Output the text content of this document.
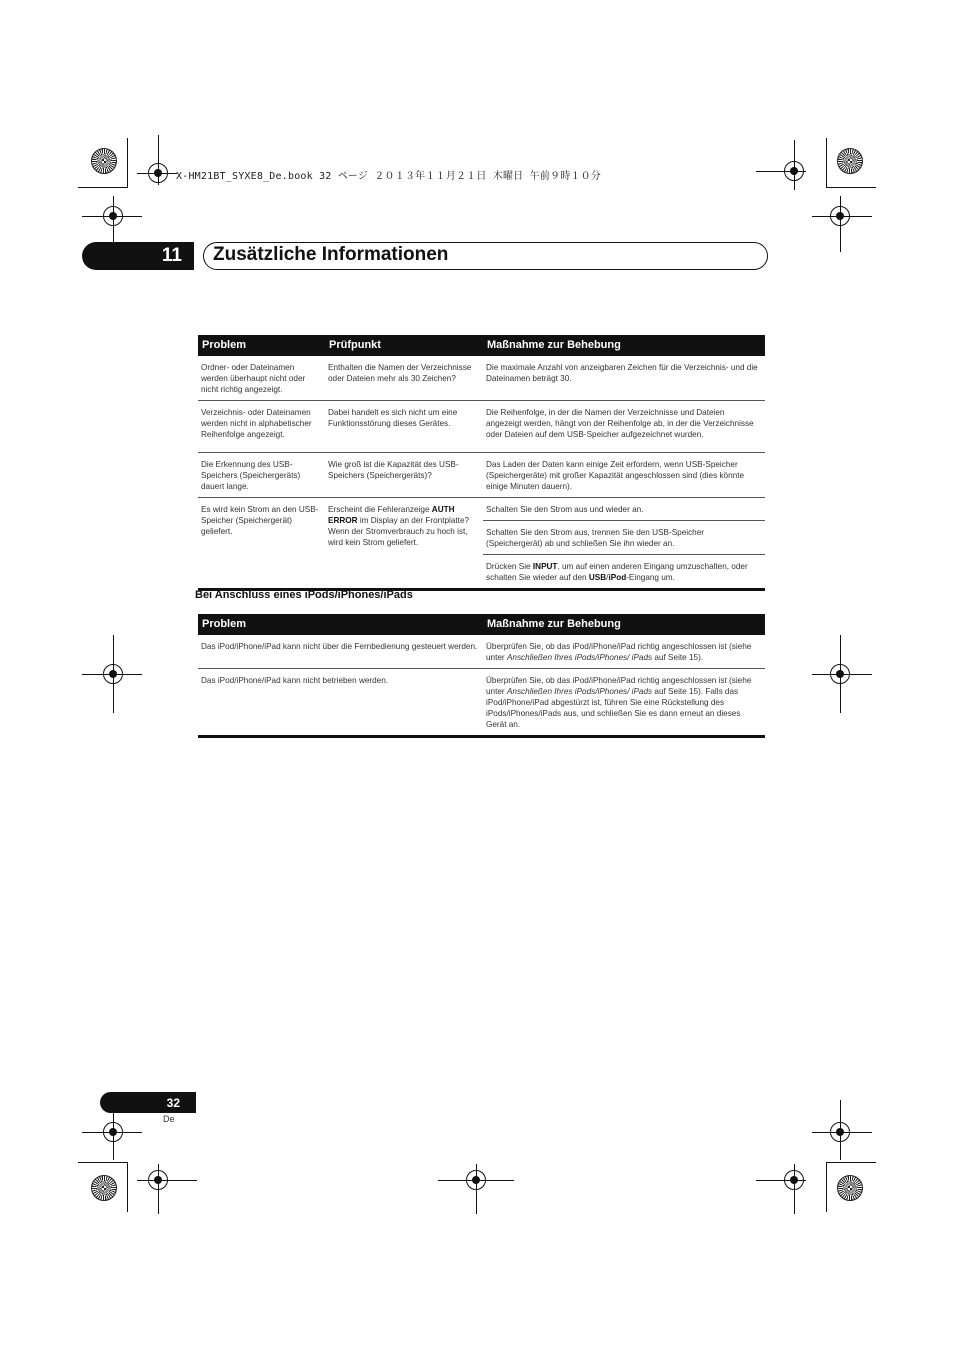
X-HM21BT_SYXE8_De.book 32 ページ ２０１３年１１月２１日 木曜日 午前９時１０分
11	Zusätzliche Informationen
Problem	Prüfpunkt	Maßnahme zur Behebung
Ordner- oder Dateinamen werden überhaupt nicht oder nicht richtig angezeigt.	Enthalten die Namen der Verzeichnisse oder Dateien mehr als 30 Zeichen?	Die maximale Anzahl von anzeigbaren Zeichen für die Verzeichnis- und die Dateinamen beträgt 30.
Verzeichnis- oder Dateinamen werden nicht in alphabetischer Reihenfolge angezeigt.	Dabei handelt es sich nicht um eine Funktionsstörung dieses Gerätes.	Die Reihenfolge, in der die Namen der Verzeichnisse und Dateien angezeigt werden, hängt von der Reihenfolge ab, in der die Verzeichnisse oder Dateien auf dem USB-Speicher aufgezeichnet wurden.
Die Erkennung des USB-Speichers (Speichergeräts) dauert lange.	Wie groß ist die Kapazität des USB-Speichers (Speichergeräts)?	Das Laden der Daten kann einige Zeit erfordern, wenn USB-Speicher (Speichergeräte) mit großer Kapazität angeschlossen sind (dies könnte einige Minuten dauern).
Es wird kein Strom an den USB-Speicher (Speichergerät) geliefert.	Erscheint die Fehleranzeige AUTH ERROR im Display an der Frontplatte? Wenn der Stromverbrauch zu hoch ist, wird kein Strom geliefert.	Schalten Sie den Strom aus und wieder an.
		Schalten Sie den Strom aus, trennen Sie den USB-Speicher (Speichergerät) ab und schließen Sie ihn wieder an.
		Drücken Sie INPUT, um auf einen anderen Eingang umzuschalten, oder schalten Sie wieder auf den USB/iPod-Eingang um.
Bei Anschluss eines iPods/iPhones/iPads
Problem	Maßnahme zur Behebung
Das iPod/iPhone/iPad kann nicht über die Fernbedienung gesteuert werden.	Überprüfen Sie, ob das iPod/iPhone/iPad richtig angeschlossen ist (siehe unter Anschließen Ihres iPods/iPhones/ iPads auf Seite 15).
Das iPod/iPhone/iPad kann nicht betrieben werden.	Überprüfen Sie, ob das iPod/iPhone/iPad richtig angeschlossen ist (siehe unter Anschließen Ihres iPods/iPhones/ iPads auf Seite 15). Falls das iPod/iPhone/iPad abgestürzt ist, führen Sie eine Rückstellung des iPods/iPhones/iPads aus, und schließen Sie es dann erneut an dieses Gerät an.
32
De
